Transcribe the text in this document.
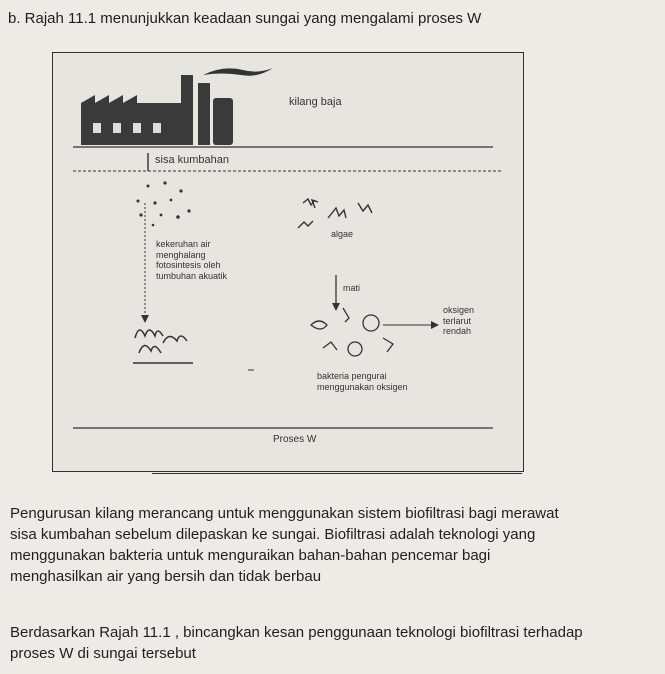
b. Rajah 11.1 menunjukkan keadaan sungai yang mengalami proses W
kilang baja
sisa kumbahan
kekeruhan air
menghalang
fotosintesis oleh
tumbuhan akuatik
algae
mati
oksigen
terlarut
rendah
bakteria pengurai
menggunakan oksigen
Proses W

Pengurusan kilang merancang untuk menggunakan sistem biofiltrasi bagi merawat

sisa kumbahan sebelum dilepaskan ke sungai. Biofiltrasi adalah teknologi yang

menggunakan bakteria untuk menguraikan bahan-bahan pencemar bagi

menghasilkan air yang bersih dan tidak berbau

Berdasarkan Rajah 11.1 , bincangkan kesan penggunaan teknologi biofiltrasi terhadap

proses W di sungai tersebut
